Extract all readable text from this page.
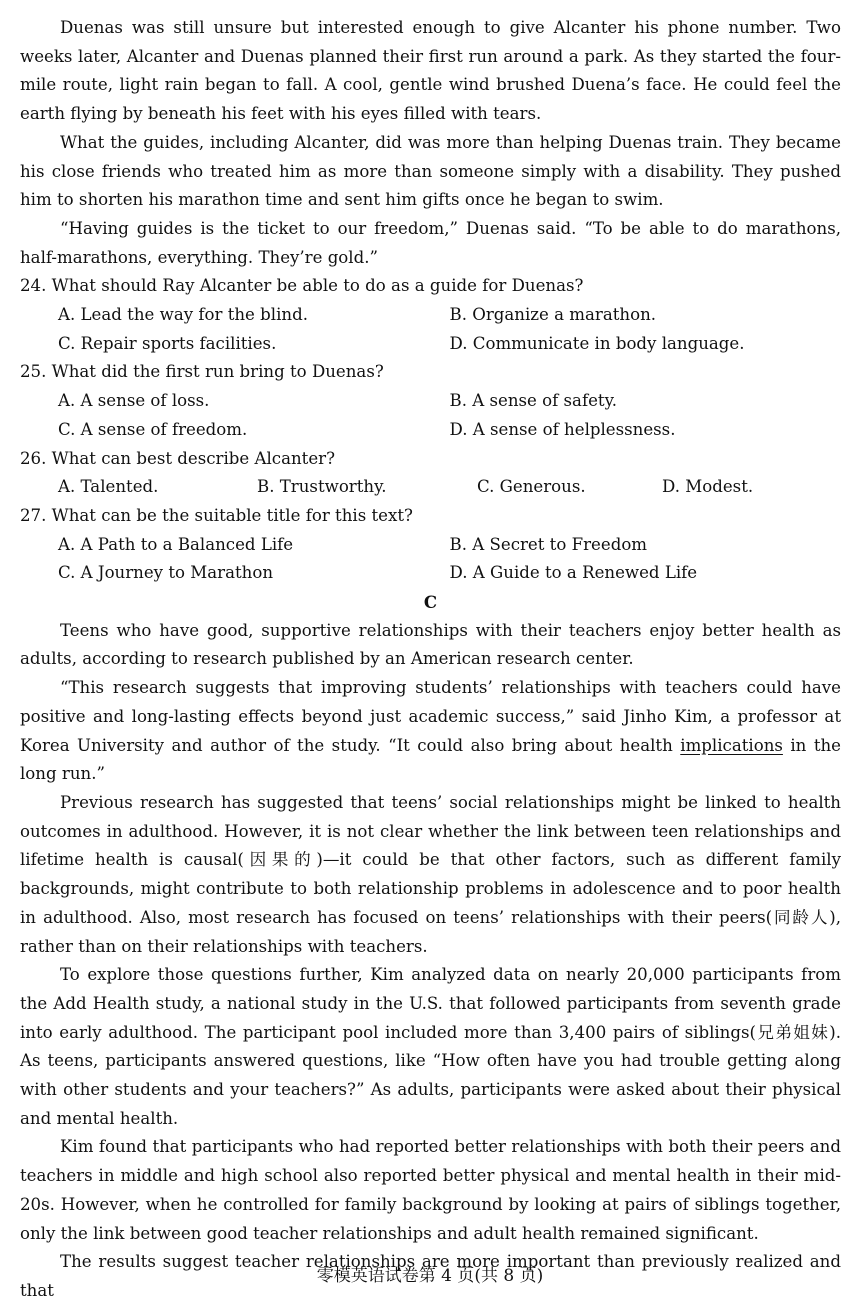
Duenas was still unsure but interested enough to give Alcanter his phone number. Two weeks later, Alcanter and Duenas planned their first run around a park. As they started the four-mile route, light rain began to fall. A cool, gentle wind brushed Duena’s face. He could feel the earth flying by beneath his feet with his eyes filled with tears.

What the guides, including Alcanter, did was more than helping Duenas train. They became his close friends who treated him as more than someone simply with a disability. They pushed him to shorten his marathon time and sent him gifts once he began to swim.

“Having guides is the ticket to our freedom,” Duenas said. “To be able to do marathons, half-marathons, everything. They’re gold.”

24. What should Ray Alcanter be able to do as a guide for Duenas?
A. Lead the way for the blind.	B. Organize a marathon.
C. Repair sports facilities.	D. Communicate in body language.
25. What did the first run bring to Duenas?
A. A sense of loss.	B. A sense of safety.
C. A sense of freedom.	D. A sense of helplessness.
26. What can best describe Alcanter?
A. Talented.	B. Trustworthy.	C. Generous.	D. Modest.
27. What can be the suitable title for this text?
A. A Path to a Balanced Life	B. A Secret to Freedom
C. A Journey to Marathon	D. A Guide to a Renewed Life
C

Teens who have good, supportive relationships with their teachers enjoy better health as adults, according to research published by an American research center.

“This research suggests that improving students’ relationships with teachers could have positive and long-lasting effects beyond just academic success,” said Jinho Kim, a professor at Korea University and author of the study. “It could also bring about health implications in the long run.”

Previous research has suggested that teens’ social relationships might be linked to health outcomes in adulthood. However, it is not clear whether the link between teen relationships and lifetime health is causal(因果的)—it could be that other factors, such as different family backgrounds, might contribute to both relationship problems in adolescence and to poor health in adulthood. Also, most research has focused on teens’ relationships with their peers(同龄人), rather than on their relationships with teachers.

To explore those questions further, Kim analyzed data on nearly 20,000 participants from the Add Health study, a national study in the U.S. that followed participants from seventh grade into early adulthood. The participant pool included more than 3,400 pairs of siblings(兄弟姐妹). As teens, participants answered questions, like “How often have you had trouble getting along with other students and your teachers?” As adults, participants were asked about their physical and mental health.

Kim found that participants who had reported better relationships with both their peers and teachers in middle and high school also reported better physical and mental health in their mid-20s. However, when he controlled for family background by looking at pairs of siblings together, only the link between good teacher relationships and adult health remained significant.

The results suggest teacher relationships are more important than previously realized and that

零模英语试卷第 4 页(共 8 页)
